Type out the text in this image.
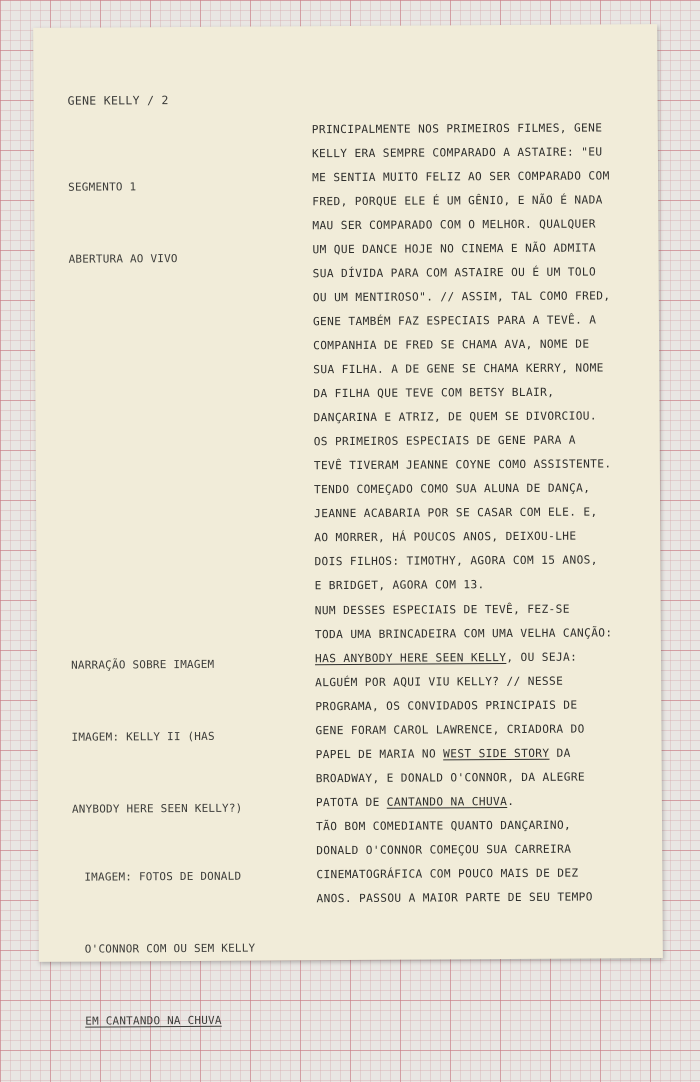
GENE KELLY / 2

SEGMENTO 1

ABERTURA AO VIVO

NARRAÇÃO SOBRE IMAGEM

IMAGEM: KELLY II (HAS

ANYBODY HERE SEEN KELLY?)

IMAGEM: FOTOS DE DONALD

O'CONNOR COM OU SEM KELLY

EM CANTANDO NA CHUVA

PRINCIPALMENTE NOS PRIMEIROS FILMES, GENE
KELLY ERA SEMPRE COMPARADO A ASTAIRE: "EU
ME SENTIA MUITO FELIZ AO SER COMPARADO COM
FRED, PORQUE ELE É UM GÊNIO, E NÃO É NADA
MAU SER COMPARADO COM O MELHOR. QUALQUER
UM QUE DANCE HOJE NO CINEMA E NÃO ADMITA
SUA DÍVIDA PARA COM ASTAIRE OU É UM TOLO
OU UM MENTIROSO". // ASSIM, TAL COMO FRED,
GENE TAMBÉM FAZ ESPECIAIS PARA A TEVÊ. A
COMPANHIA DE FRED SE CHAMA AVA, NOME DE
SUA FILHA. A DE GENE SE CHAMA KERRY, NOME
DA FILHA QUE TEVE COM BETSY BLAIR,
DANÇARINA E ATRIZ, DE QUEM SE DIVORCIOU.
OS PRIMEIROS ESPECIAIS DE GENE PARA A
TEVÊ TIVERAM JEANNE COYNE COMO ASSISTENTE.
TENDO COMEÇADO COMO SUA ALUNA DE DANÇA,
JEANNE ACABARIA POR SE CASAR COM ELE. E,
AO MORRER, HÁ POUCOS ANOS, DEIXOU-LHE
DOIS FILHOS: TIMOTHY, AGORA COM 15 ANOS,
E BRIDGET, AGORA COM 13.
NUM DESSES ESPECIAIS DE TEVÊ, FEZ-SE
TODA UMA BRINCADEIRA COM UMA VELHA CANÇÃO:
HAS ANYBODY HERE SEEN KELLY, OU SEJA:
ALGUÉM POR AQUI VIU KELLY? // NESSE
PROGRAMA, OS CONVIDADOS PRINCIPAIS DE
GENE FORAM CAROL LAWRENCE, CRIADORA DO
PAPEL DE MARIA NO WEST SIDE STORY DA
BROADWAY, E DONALD O'CONNOR, DA ALEGRE
PATOTA DE CANTANDO NA CHUVA.
TÃO BOM COMEDIANTE QUANTO DANÇARINO,
DONALD O'CONNOR COMEÇOU SUA CARREIRA
CINEMATOGRÁFICA COM POUCO MAIS DE DEZ
ANOS. PASSOU A MAIOR PARTE DE SEU TEMPO
